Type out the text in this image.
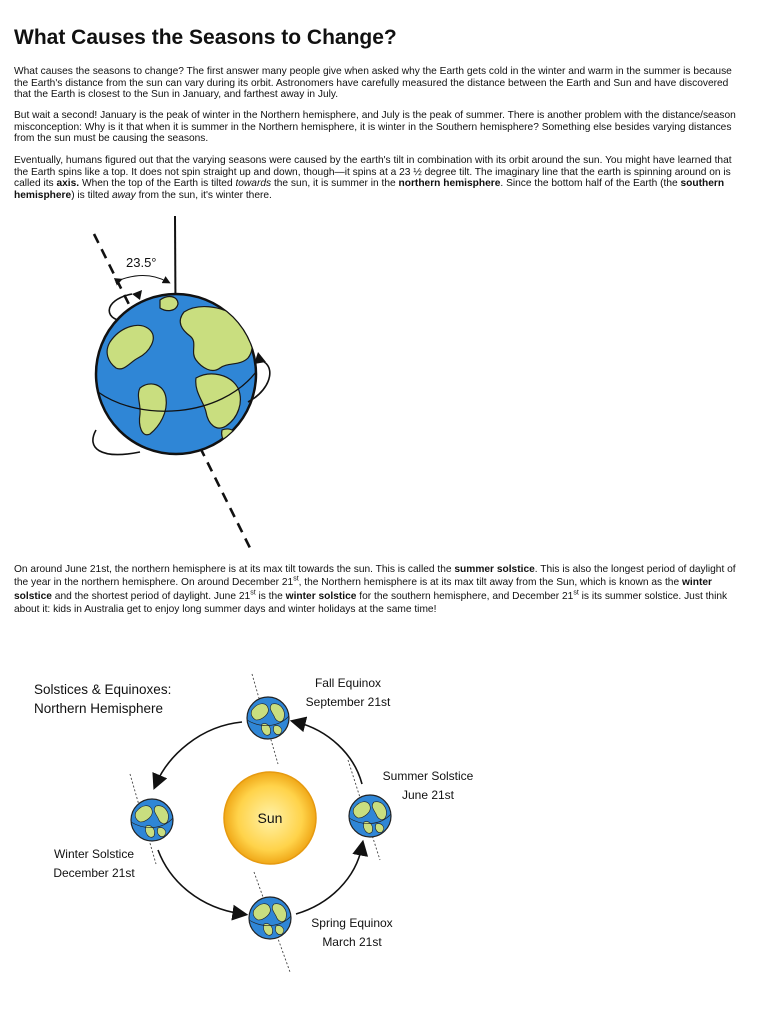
What Causes the Seasons to Change?

What causes the seasons to change? The first answer many people give when asked why the Earth gets cold in the winter and warm in the summer is because the Earth's distance from the sun can vary during its orbit. Astronomers have carefully measured the distance between the Earth and Sun and have discovered that the Earth is closest to the Sun in January, and farthest away in July.

But wait a second! January is the peak of winter in the Northern hemisphere, and July is the peak of summer. There is another problem with the distance/season misconception: Why is it that when it is summer in the Northern hemisphere, it is winter in the Southern hemisphere? Something else besides varying distances from the sun must be causing the seasons.

Eventually, humans figured out that the varying seasons were caused by the earth's tilt in combination with its orbit around the sun. You might have learned that the Earth spins like a top. It does not spin straight up and down, though—it spins at a 23 ½ degree tilt. The imaginary line that the earth is spinning around on is called its axis. When the top of the Earth is tilted towards the sun, it is summer in the northern hemisphere. Since the bottom half of the Earth (the southern hemisphere) is tilted away from the sun, it's winter there.

23.5°

On around June 21st, the northern hemisphere is at its max tilt towards the sun. This is called the summer solstice. This is also the longest period of daylight of the year in the northern hemisphere. On around December 21st, the Northern hemisphere is at its max tilt away from the Sun, which is known as the winter solstice and the shortest period of daylight. June 21st is the winter solstice for the southern hemisphere, and December 21st is its summer solstice. Just think about it: kids in Australia get to enjoy long summer days and winter holidays at the same time!

Solstices & Equinoxes:
Northern Hemisphere
Sun
Fall Equinox
September 21st
Summer Solstice
June 21st
Winter Solstice
December 21st
Spring Equinox
March 21st
